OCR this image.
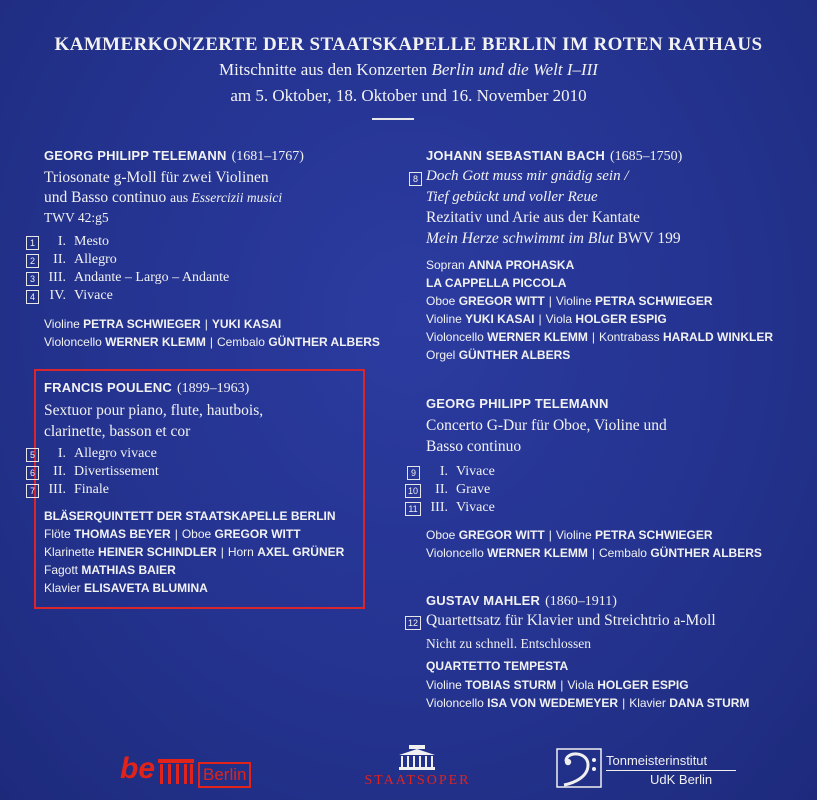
KAMMERKONZERTE DER STAATSKAPELLE BERLIN IM ROTEN RATHAUS
Mitschnitte aus den Konzerten Berlin und die Welt I–III
am 5. Oktober, 18. Oktober und 16. November 2010
GEORG PHILIPP TELEMANN (1681–1767)
Triosonate g-Moll für zwei Violinen
und Basso continuo aus Essercizii musici
TWV 42:g5
1	I. Mesto
2	II. Allegro
3 III. Andante – Largo – Andante
4	IV. Vivace
Violine PETRA SCHWIEGER | YUKI KASAI
Violoncello WERNER KLEMM | Cembalo GÜNTHER ALBERS
FRANCIS POULENC (1899–1963)
Sextuor pour piano, flute, hautbois,
clarinette, basson et cor
5	I. Allegro vivace
6	II. Divertissement
7 III. Finale
BLÄSERQUINTETT DER STAATSKAPELLE BERLIN
Flöte THOMAS BEYER | Oboe GREGOR WITT
Klarinette HEINER SCHINDLER | Horn AXEL GRÜNER
Fagott MATHIAS BAIER
Klavier ELISAVETA BLUMINA
JOHANN SEBASTIAN BACH (1685–1750)
8 Doch Gott muss mir gnädig sein /
Tief gebückt und voller Reue
Rezitativ und Arie aus der Kantate
Mein Herze schwimmt im Blut BWV 199
Sopran ANNA PROHASKA
LA CAPPELLA PICCOLA
Oboe GREGOR WITT | Violine PETRA SCHWIEGER
Violine YUKI KASAI | Viola HOLGER ESPIG
Violoncello WERNER KLEMM | Kontrabass HARALD WINKLER
Orgel GÜNTHER ALBERS
GEORG PHILIPP TELEMANN
Concerto G-Dur für Oboe, Violine und
Basso continuo
9	I. Vivace
10	II. Grave
11 III. Vivace
Oboe GREGOR WITT | Violine PETRA SCHWIEGER
Violoncello WERNER KLEMM | Cembalo GÜNTHER ALBERS
GUSTAV MAHLER (1860–1911)
12 Quartettsatz für Klavier und Streichtrio a-Moll
Nicht zu schnell. Entschlossen
QUARTETTO TEMPESTA
Violine TOBIAS STURM | Viola HOLGER ESPIG
Violoncello ISA VON WEDEMEYER | Klavier DANA STURM
be	Berlin	STAATSOPER
Tonmeisterinstitut
UdK Berlin
